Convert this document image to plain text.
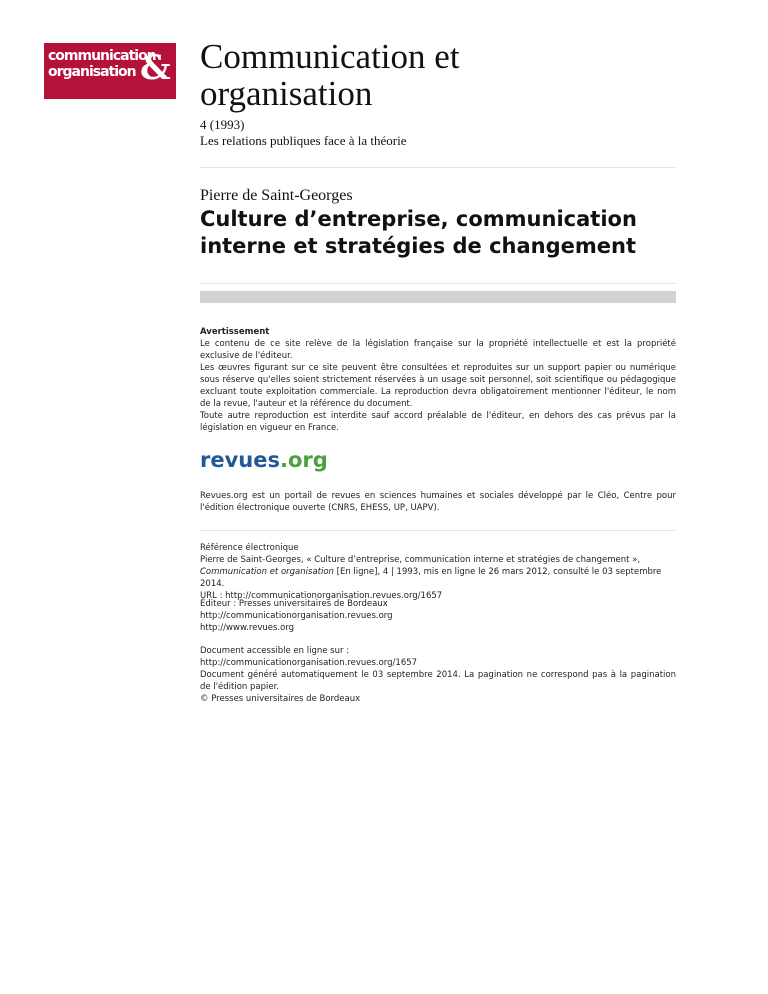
communication
organisation & Communication et organisation
4 (1993)
Les relations publiques face à la théorie
Pierre de Saint-Georges
Culture d’entreprise, communication interne et stratégies de changement

Avertissement

Le contenu de ce site relève de la législation française sur la propriété intellectuelle et est la propriété exclusive de l'éditeur.

Les œuvres figurant sur ce site peuvent être consultées et reproduites sur un support papier ou numérique sous réserve qu'elles soient strictement réservées à un usage soit personnel, soit scientifique ou pédagogique excluant toute exploitation commerciale. La reproduction devra obligatoirement mentionner l'éditeur, le nom de la revue, l'auteur et la référence du document.

Toute autre reproduction est interdite sauf accord préalable de l'éditeur, en dehors des cas prévus par la législation en vigueur en France.

revues.org

Revues.org est un portail de revues en sciences humaines et sociales développé par le Cléo, Centre pour l'édition électronique ouverte (CNRS, EHESS, UP, UAPV).

Référence électronique

Pierre de Saint-Georges, « Culture d’entreprise, communication interne et stratégies de changement »,

Communication et organisation [En ligne], 4 | 1993, mis en ligne le 26 mars 2012, consulté le 03 septembre 2014.

URL : http://communicationorganisation.revues.org/1657

Éditeur : Presses universitaires de Bordeaux

http://communicationorganisation.revues.org

http://www.revues.org

Document accessible en ligne sur :

http://communicationorganisation.revues.org/1657

Document généré automatiquement le 03 septembre 2014. La pagination ne correspond pas à la pagination de l'édition papier.

© Presses universitaires de Bordeaux
